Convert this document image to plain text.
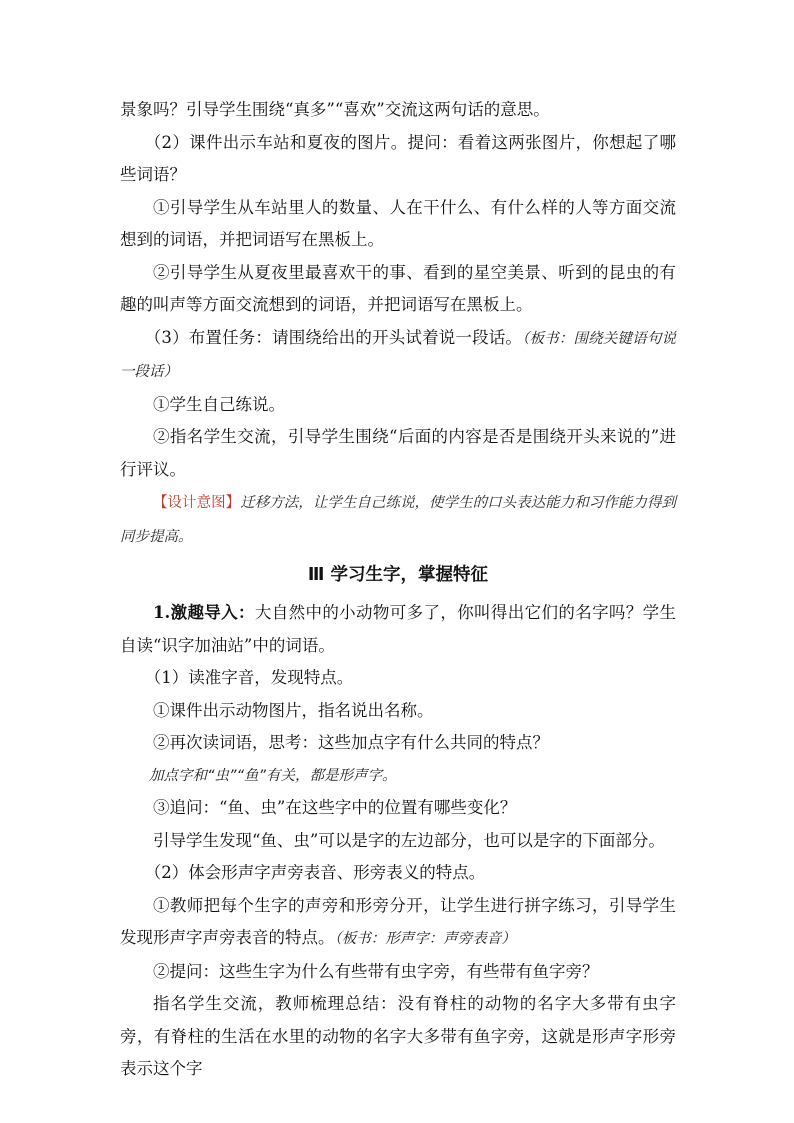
景象吗？引导学生围绕“真多”“喜欢”交流这两句话的意思。

（2）课件出示车站和夏夜的图片。提问：看着这两张图片，你想起了哪些词语？

①引导学生从车站里人的数量、人在干什么、有什么样的人等方面交流想到的词语，并把词语写在黑板上。

②引导学生从夏夜里最喜欢干的事、看到的星空美景、听到的昆虫的有趣的叫声等方面交流想到的词语，并把词语写在黑板上。

（3）布置任务：请围绕给出的开头试着说一段话。（板书：围绕关键语句说一段话）

①学生自己练说。

②指名学生交流，引导学生围绕“后面的内容是否是围绕开头来说的”进行评议。

【设计意图】迁移方法，让学生自己练说，使学生的口头表达能力和习作能力得到同步提高。

Ⅲ 学习生字，掌握特征

1.激趣导入：大自然中的小动物可多了，你叫得出它们的名字吗？学生自读“识字加油站”中的词语。

（1）读准字音，发现特点。

①课件出示动物图片，指名说出名称。

②再次读词语，思考：这些加点字有什么共同的特点？

加点字和“虫”“鱼”有关，都是形声字。

③追问：“鱼、虫”在这些字中的位置有哪些变化？

引导学生发现“鱼、虫”可以是字的左边部分，也可以是字的下面部分。

（2）体会形声字声旁表音、形旁表义的特点。

①教师把每个生字的声旁和形旁分开，让学生进行拼字练习，引导学生发现形声字声旁表音的特点。（板书：形声字：声旁表音）

②提问：这些生字为什么有些带有虫字旁，有些带有鱼字旁？

指名学生交流，教师梳理总结：没有脊柱的动物的名字大多带有虫字旁，有脊柱的生活在水里的动物的名字大多带有鱼字旁，这就是形声字形旁表示这个字
